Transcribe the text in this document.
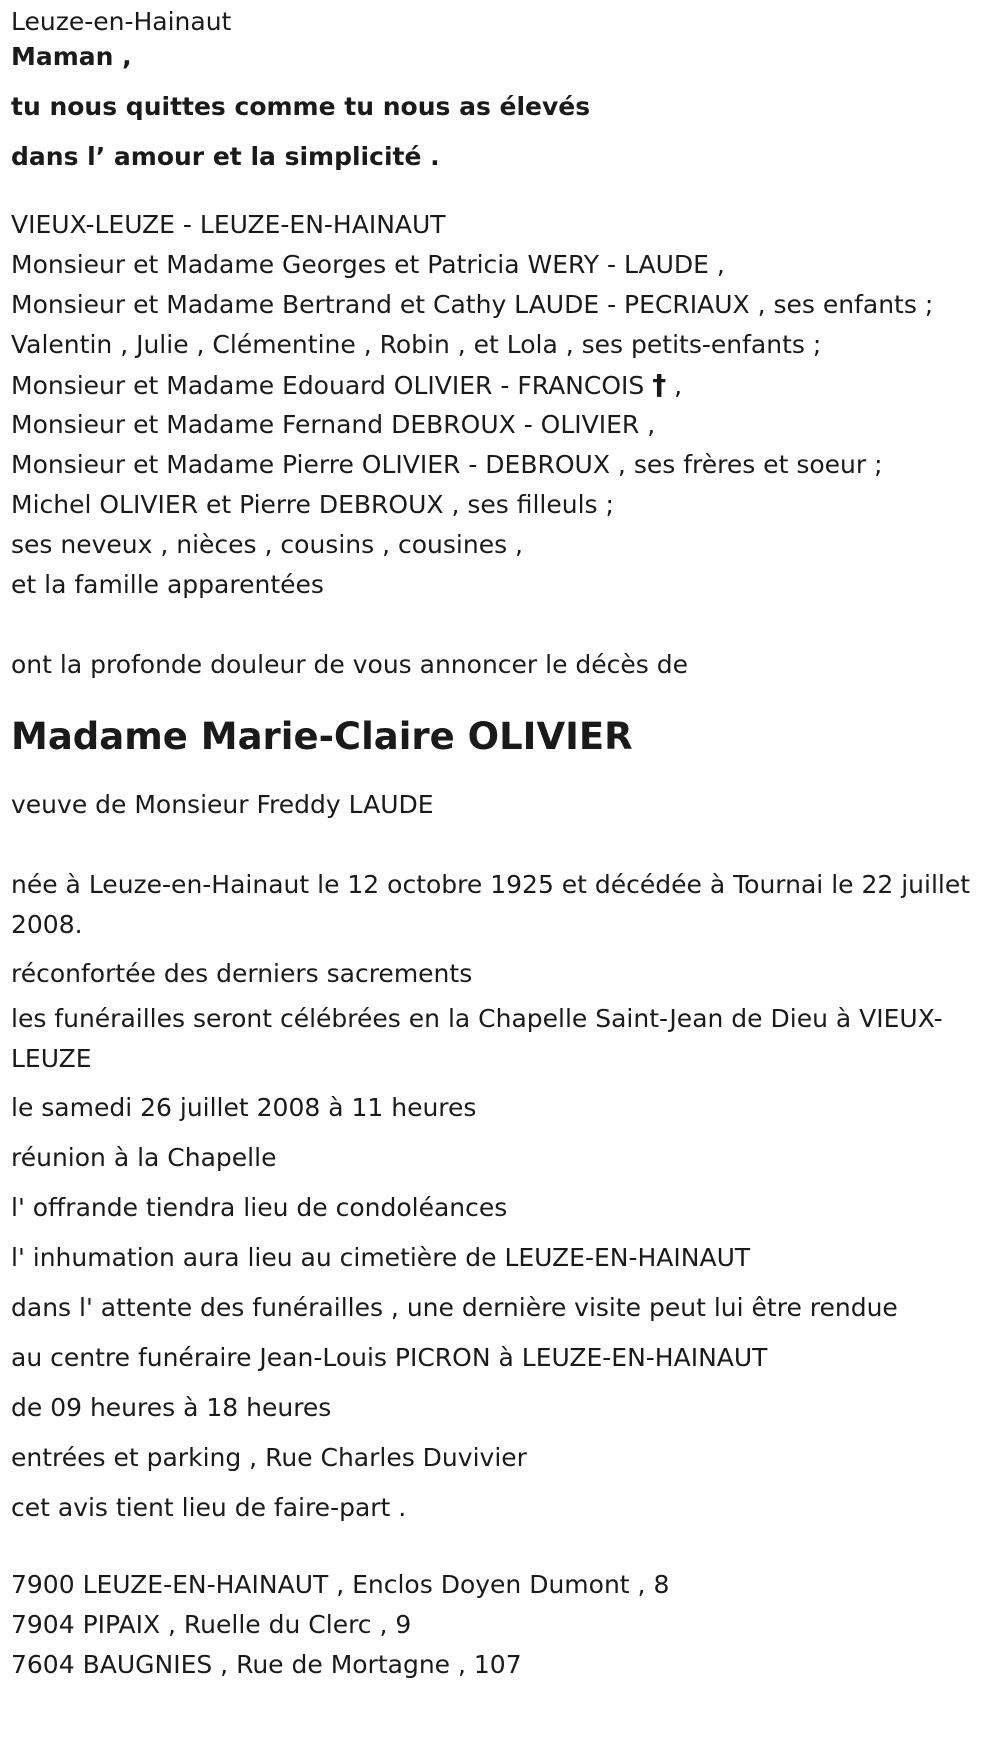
Leuze-en-Hainaut
Maman ,
tu nous quittes comme tu nous as élevés
dans l’ amour et la simplicité .
VIEUX-LEUZE - LEUZE-EN-HAINAUT
Monsieur et Madame Georges et Patricia WERY - LAUDE ,
Monsieur et Madame Bertrand et Cathy LAUDE - PECRIAUX , ses enfants ;
Valentin , Julie , Clémentine , Robin , et Lola , ses petits-enfants ;
Monsieur et Madame Edouard OLIVIER - FRANCOIS † ,
Monsieur et Madame Fernand DEBROUX - OLIVIER ,
Monsieur et Madame Pierre OLIVIER - DEBROUX , ses frères et soeur ;
Michel OLIVIER et Pierre DEBROUX , ses filleuls ;
ses neveux , nièces , cousins , cousines ,
et la famille apparentées
ont la profonde douleur de vous annoncer le décès de
Madame Marie-Claire OLIVIER
veuve de Monsieur Freddy LAUDE
née à Leuze-en-Hainaut le 12 octobre 1925 et décédée à Tournai le 22 juillet 2008.
réconfortée des derniers sacrements
les funérailles seront célébrées en la Chapelle Saint-Jean de Dieu à VIEUX-LEUZE
le samedi 26 juillet 2008 à 11 heures
réunion à la Chapelle
l' offrande tiendra lieu de condoléances
l' inhumation aura lieu au cimetière de LEUZE-EN-HAINAUT
dans l' attente des funérailles , une dernière visite peut lui être rendue
au centre funéraire Jean-Louis PICRON à LEUZE-EN-HAINAUT
de 09 heures à 18 heures
entrées et parking , Rue Charles Duvivier
cet avis tient lieu de faire-part .
7900 LEUZE-EN-HAINAUT , Enclos Doyen Dumont , 8
7904 PIPAIX , Ruelle du Clerc , 9
7604 BAUGNIES , Rue de Mortagne , 107
